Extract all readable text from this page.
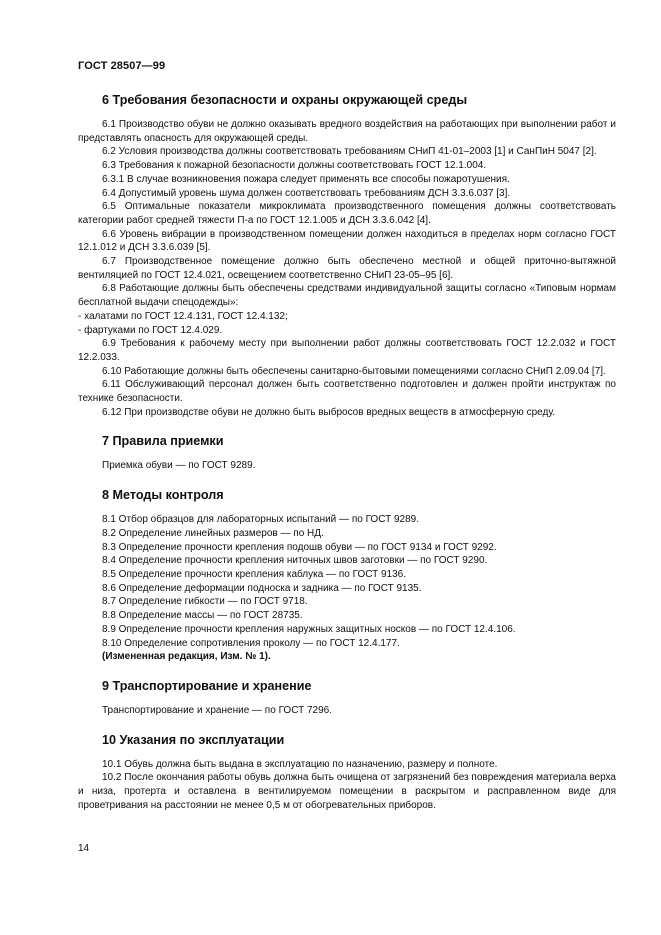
ГОСТ 28507—99
6 Требования безопасности и охраны окружающей среды

6.1 Производство обуви не должно оказывать вредного воздействия на работающих при выполнении работ и представлять опасность для окружающей среды.

6.2 Условия производства должны соответствовать требованиям СНиП 41-01–2003 [1] и СанПиН 5047 [2].

6.3 Требования к пожарной безопасности должны соответствовать ГОСТ 12.1.004.

6.3.1 В случае возникновения пожара следует применять все способы пожаротушения.

6.4 Допустимый уровень шума должен соответствовать требованиям ДСН 3.3.6.037 [3].

6.5 Оптимальные показатели микроклимата производственного помещения должны соответствовать категории работ средней тяжести П-а по ГОСТ 12.1.005 и ДСН 3.3.6.042 [4].

6.6 Уровень вибрации в производственном помещении должен находиться в пределах норм согласно ГОСТ 12.1.012 и ДСН 3.3.6.039 [5].

6.7 Производственное помещение должно быть обеспечено местной и общей приточно-вытяжной вентиляцией по ГОСТ 12.4.021, освещением соответственно СНиП 23-05–95 [6].

6.8 Работающие должны быть обеспечены средствами индивидуальной защиты согласно «Типовым нормам бесплатной выдачи спецодежды»:

- халатами по ГОСТ 12.4.131, ГОСТ 12.4.132;

- фартуками по ГОСТ 12.4.029.

6.9 Требования к рабочему месту при выполнении работ должны соответствовать ГОСТ 12.2.032 и ГОСТ 12.2.033.

6.10 Работающие должны быть обеспечены санитарно-бытовыми помещениями согласно СНиП 2.09.04 [7].

6.11 Обслуживающий персонал должен быть соответственно подготовлен и должен пройти инструктаж по технике безопасности.

6.12 При производстве обуви не должно быть выбросов вредных веществ в атмосферную среду.

7 Правила приемки

Приемка обуви — по ГОСТ 9289.

8 Методы контроля

8.1 Отбор образцов для лабораторных испытаний — по ГОСТ 9289.

8.2 Определение линейных размеров — по НД.

8.3 Определение прочности крепления подошв обуви — по ГОСТ 9134 и ГОСТ 9292.

8.4 Определение прочности крепления ниточных швов заготовки — по ГОСТ 9290.

8.5 Определение прочности крепления каблука — по ГОСТ 9136.

8.6 Определение деформации подноска и задника — по ГОСТ 9135.

8.7 Определение гибкости — по ГОСТ 9718.

8.8 Определение массы — по ГОСТ 28735.

8.9 Определение прочности крепления наружных защитных носков — по ГОСТ 12.4.106.

8.10 Определение сопротивления проколу — по ГОСТ 12.4.177.

(Измененная редакция, Изм. № 1).

9 Транспортирование и хранение

Транспортирование и хранение — по ГОСТ 7296.

10 Указания по эксплуатации

10.1 Обувь должна быть выдана в эксплуатацию по назначению, размеру и полноте.

10.2 После окончания работы обувь должна быть очищена от загрязнений без повреждения материала верха и низа, протерта и оставлена в вентилируемом помещении в раскрытом и расправленном виде для проветривания на расстоянии не менее 0,5 м от обогревательных приборов.

14
